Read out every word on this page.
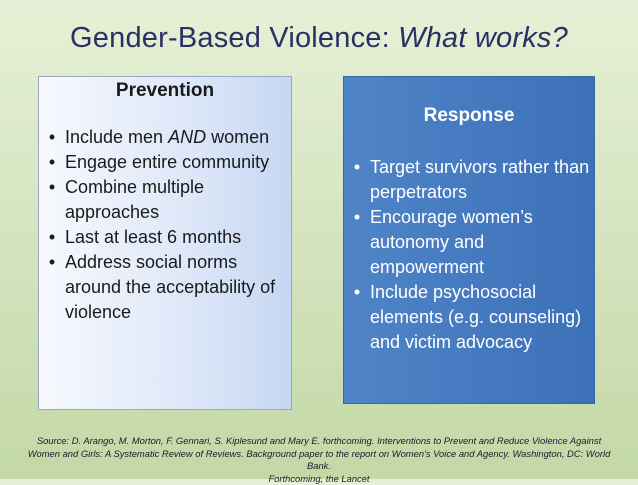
Gender-Based Violence: What works?
Prevention
• Include men AND women
• Engage entire community
• Combine multiple approaches
• Last at least 6 months
• Address social norms around the acceptability of violence
Response
• Target survivors rather than perpetrators
• Encourage women’s autonomy and empowerment
• Include psychosocial elements (e.g. counseling) and victim advocacy
Source: D. Arango, M. Morton, F. Gennari, S. Kiplesund and Mary E. forthcoming. Interventions to Prevent and Reduce Violence Against
Women and Girls: A Systematic Review of Reviews. Background paper to the report on Women's Voice and Agency. Washington, DC: World
Bank.
Forthcoming, the Lancet
